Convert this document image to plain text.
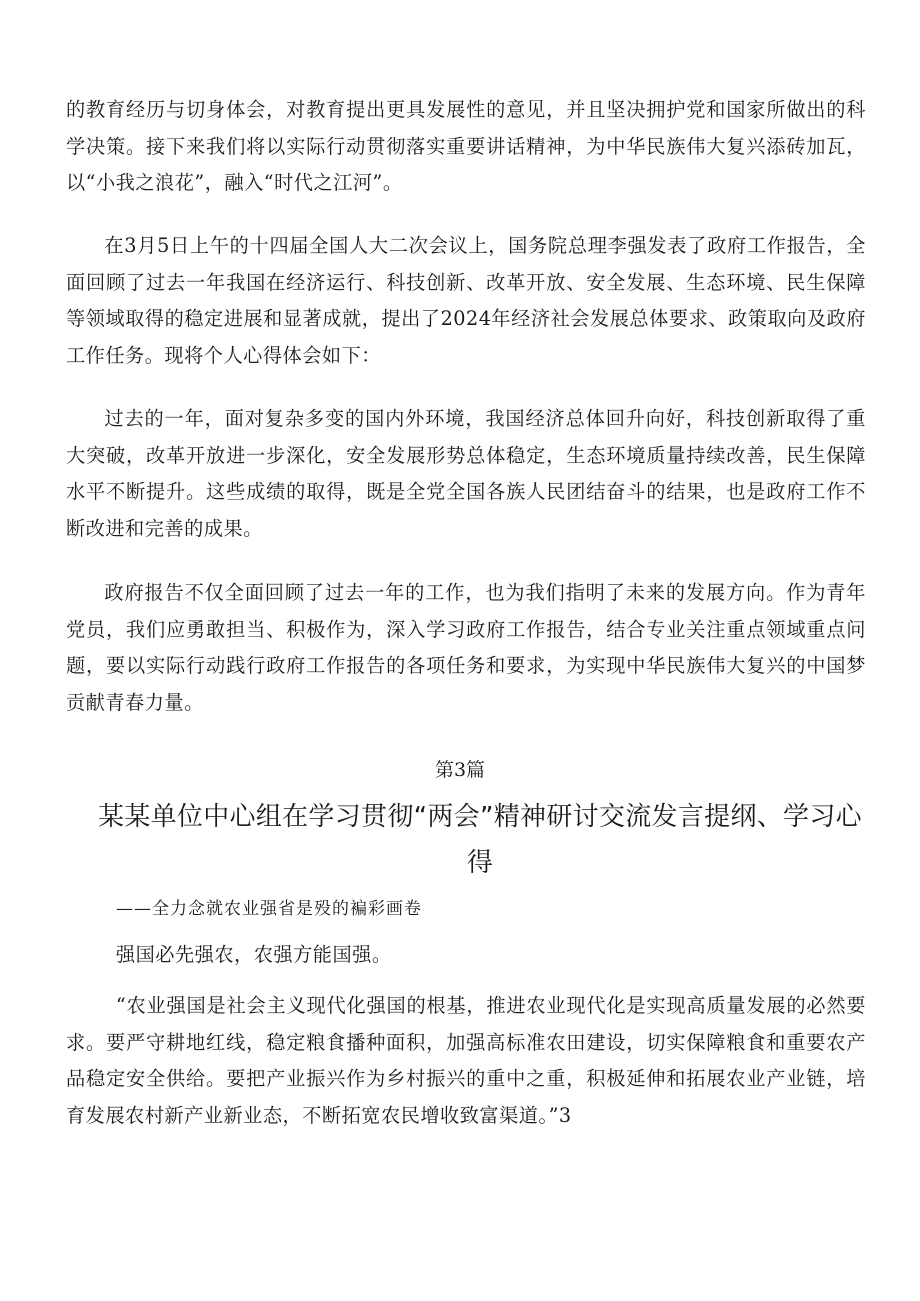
的教育经历与切身体会，对教育提出更具发展性的意见，并且坚决拥护党和国家所做出的科学决策。接下来我们将以实际行动贯彻落实重要讲话精神，为中华民族伟大复兴添砖加瓦，以“小我之浪花”，融入“时代之江河”。

在3月5日上午的十四届全国人大二次会议上，国务院总理李强发表了政府工作报告，全面回顾了过去一年我国在经济运行、科技创新、改革开放、安全发展、生态环境、民生保障等领域取得的稳定进展和显著成就，提出了2024年经济社会发展总体要求、政策取向及政府工作任务。现将个人心得体会如下：

过去的一年，面对复杂多变的国内外环境，我国经济总体回升向好，科技创新取得了重大突破，改革开放进一步深化，安全发展形势总体稳定，生态环境质量持续改善，民生保障水平不断提升。这些成绩的取得，既是全党全国各族人民团结奋斗的结果，也是政府工作不断改进和完善的成果。

政府报告不仅全面回顾了过去一年的工作，也为我们指明了未来的发展方向。作为青年党员，我们应勇敢担当、积极作为，深入学习政府工作报告，结合专业关注重点领域重点问题，要以实际行动践行政府工作报告的各项任务和要求，为实现中华民族伟大复兴的中国梦贡献青春力量。

第3篇

某某单位中心组在学习贯彻“两会”精神研讨交流发言提纲、学习心得

——全力念就农业强省是殁的褊彩画卷

强国必先强农，农强方能国强。

“农业强国是社会主义现代化强国的根基，推进农业现代化是实现高质量发展的必然要求。要严守耕地红线，稳定粮食播种面积，加强高标准农田建设，切实保障粮食和重要农产品稳定安全供给。要把产业振兴作为乡村振兴的重中之重，积极延伸和拓展农业产业链，培育发展农村新产业新业态，不断拓宽农民增收致富渠道。”3
